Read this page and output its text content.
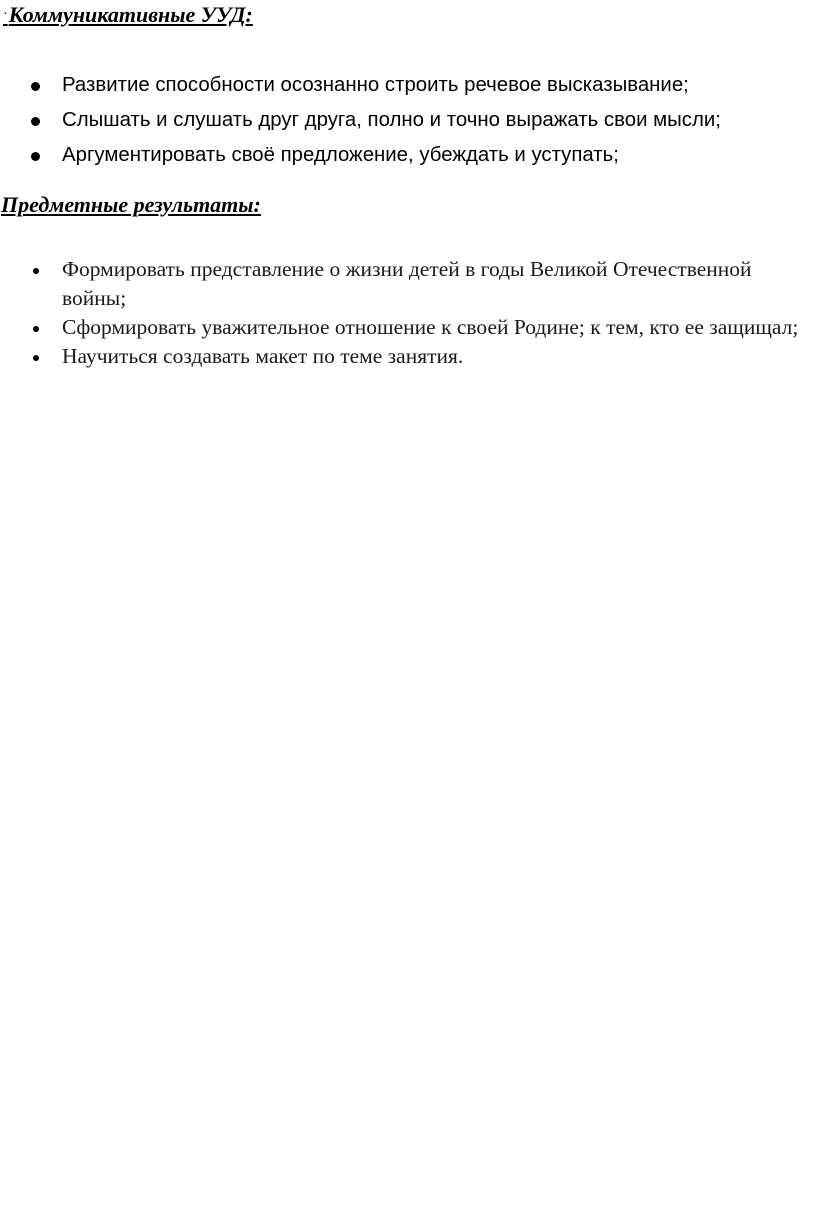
·Коммуникативные УУД:
Развитие способности осознанно строить речевое высказывание;
Слышать и слушать друг друга, полно и точно выражать свои мысли;
Аргументировать своё предложение, убеждать и уступать;
Предметные результаты:
Формировать представление о жизни детей в годы Великой Отечественной войны;
Сформировать уважительное отношение к своей Родине; к тем, кто ее защищал;
Научиться создавать макет по теме занятия.
